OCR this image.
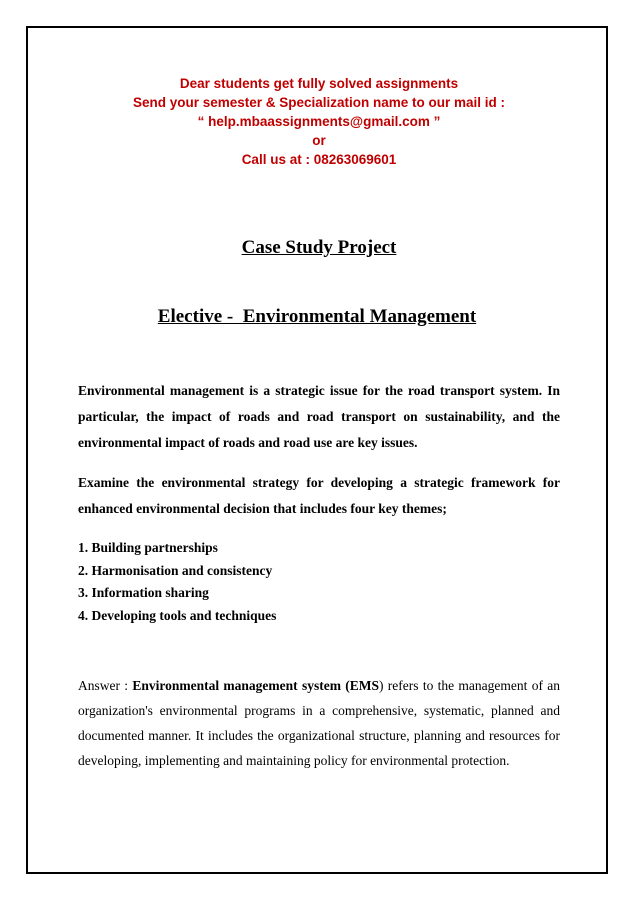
Dear students get fully solved assignments
Send your semester & Specialization name to our mail id :
“ help.mbaassignments@gmail.com ”
or
Call us at : 08263069601
Case Study Project
Elective -  Environmental Management
Environmental management is a strategic issue for the road transport system. In particular, the impact of roads and road transport on sustainability, and the environmental impact of roads and road use are key issues.
Examine the environmental strategy for developing a strategic framework for enhanced environmental decision that includes four key themes;
1. Building partnerships
2. Harmonisation and consistency
3. Information sharing
4. Developing tools and techniques
Answer : Environmental management system (EMS) refers to the management of an organization's environmental programs in a comprehensive, systematic, planned and documented manner. It includes the organizational structure, planning and resources for developing, implementing and maintaining policy for environmental protection.
